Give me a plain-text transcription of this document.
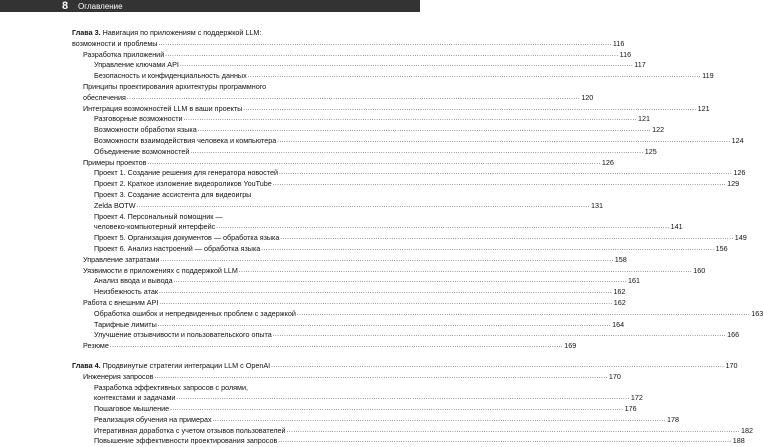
8 Оглавление
Глава 3. Навигация по приложениям с поддержкой LLM:
возможности и проблемы .....	116
Разработка приложений .....	116
Управление ключами API .....	117
Безопасность и конфиденциальность данных .....	119
Принципы проектирования архитектуры программного
обеспечения .....	120
Интеграция возможностей LLM в ваши проекты .....	121
Разговорные возможности .....	121
Возможности обработки языка .....	122
Возможности взаимодействия человека и компьютера .....	124
Объединение возможностей .....	125
Примеры проектов .....	126
Проект 1. Создание решения для генератора новостей .....	126
Проект 2. Краткое изложение видеороликов YouTube .....	129
Проект 3. Создание ассистента для видеоигры
Zelda BOTW .....	131
Проект 4. Персональный помощник —
человеко-компьютерный интерфейс .....	141
Проект 5. Организация документов — обработка языка .....	149
Проект 6. Анализ настроений — обработка языка .....	156
Управление затратами .....	158
Уязвимости в приложениях с поддержкой LLM .....	160
Анализ ввода и вывода .....	161
Неизбежность атак .....	162
Работа с внешним API .....	162
Обработка ошибок и непредвиденных проблем с задержкой .....	163
Тарифные лимиты .....	164
Улучшение отзывчивости и пользовательского опыта .....	166
Резюме .....	169
Глава 4. Продвинутые стратегии интеграции LLM с OpenAI .....	170
Инженерия запросов .....	170
Разработка эффективных запросов с ролями,
контекстами и задачами .....	172
Пошаговое мышление .....	176
Реализация обучения на примерах .....	178
Итеративная доработка с учетом отзывов пользователей .....	182
Повышение эффективности проектирования запросов .....	188
